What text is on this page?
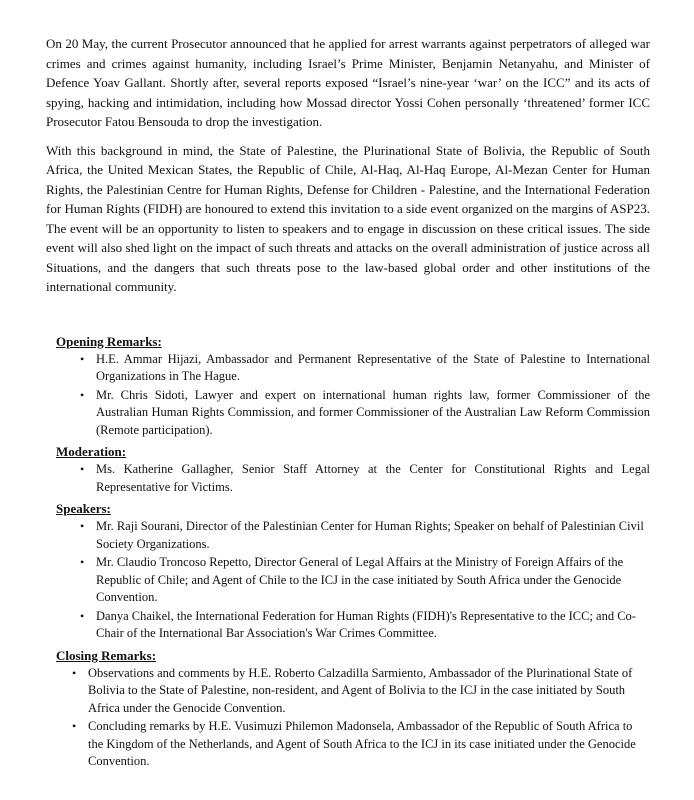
On 20 May, the current Prosecutor announced that he applied for arrest warrants against perpetrators of alleged war crimes and crimes against humanity, including Israel’s Prime Minister, Benjamin Netanyahu, and Minister of Defence Yoav Gallant. Shortly after, several reports exposed “Israel’s nine-year ‘war’ on the ICC” and its acts of spying, hacking and intimidation, including how Mossad director Yossi Cohen personally ‘threatened’ former ICC Prosecutor Fatou Bensouda to drop the investigation.

With this background in mind, the State of Palestine, the Plurinational State of Bolivia, the Republic of South Africa, the United Mexican States, the Republic of Chile, Al-Haq, Al-Haq Europe, Al-Mezan Center for Human Rights, the Palestinian Centre for Human Rights, Defense for Children - Palestine, and the International Federation for Human Rights (FIDH) are honoured to extend this invitation to a side event organized on the margins of ASP23. The event will be an opportunity to listen to speakers and to engage in discussion on these critical issues. The side event will also shed light on the impact of such threats and attacks on the overall administration of justice across all Situations, and the dangers that such threats pose to the law-based global order and other institutions of the international community.

Opening Remarks:

• H.E. Ammar Hijazi, Ambassador and Permanent Representative of the State of Palestine to International Organizations in The Hague.
• Mr. Chris Sidoti, Lawyer and expert on international human rights law, former Commissioner of the Australian Human Rights Commission, and former Commissioner of the Australian Law Reform Commission (Remote participation).

Moderation:

• Ms. Katherine Gallagher, Senior Staff Attorney at the Center for Constitutional Rights and Legal Representative for Victims.

Speakers:

• Mr. Raji Sourani, Director of the Palestinian Center for Human Rights; Speaker on behalf of Palestinian Civil Society Organizations.
• Mr. Claudio Troncoso Repetto, Director General of Legal Affairs at the Ministry of Foreign Affairs of the Republic of Chile; and Agent of Chile to the ICJ in the case initiated by South Africa under the Genocide Convention.
• Danya Chaikel, the International Federation for Human Rights (FIDH)'s Representative to the ICC; and Co-Chair of the International Bar Association's War Crimes Committee.

Closing Remarks:

• Observations and comments by H.E. Roberto Calzadilla Sarmiento, Ambassador of the Plurinational State of Bolivia to the State of Palestine, non-resident, and Agent of Bolivia to the ICJ in the case initiated by South Africa under the Genocide Convention.
• Concluding remarks by H.E. Vusimuzi Philemon Madonsela, Ambassador of the Republic of South Africa to the Kingdom of the Netherlands, and Agent of South Africa to the ICJ in its case initiated under the Genocide Convention.
